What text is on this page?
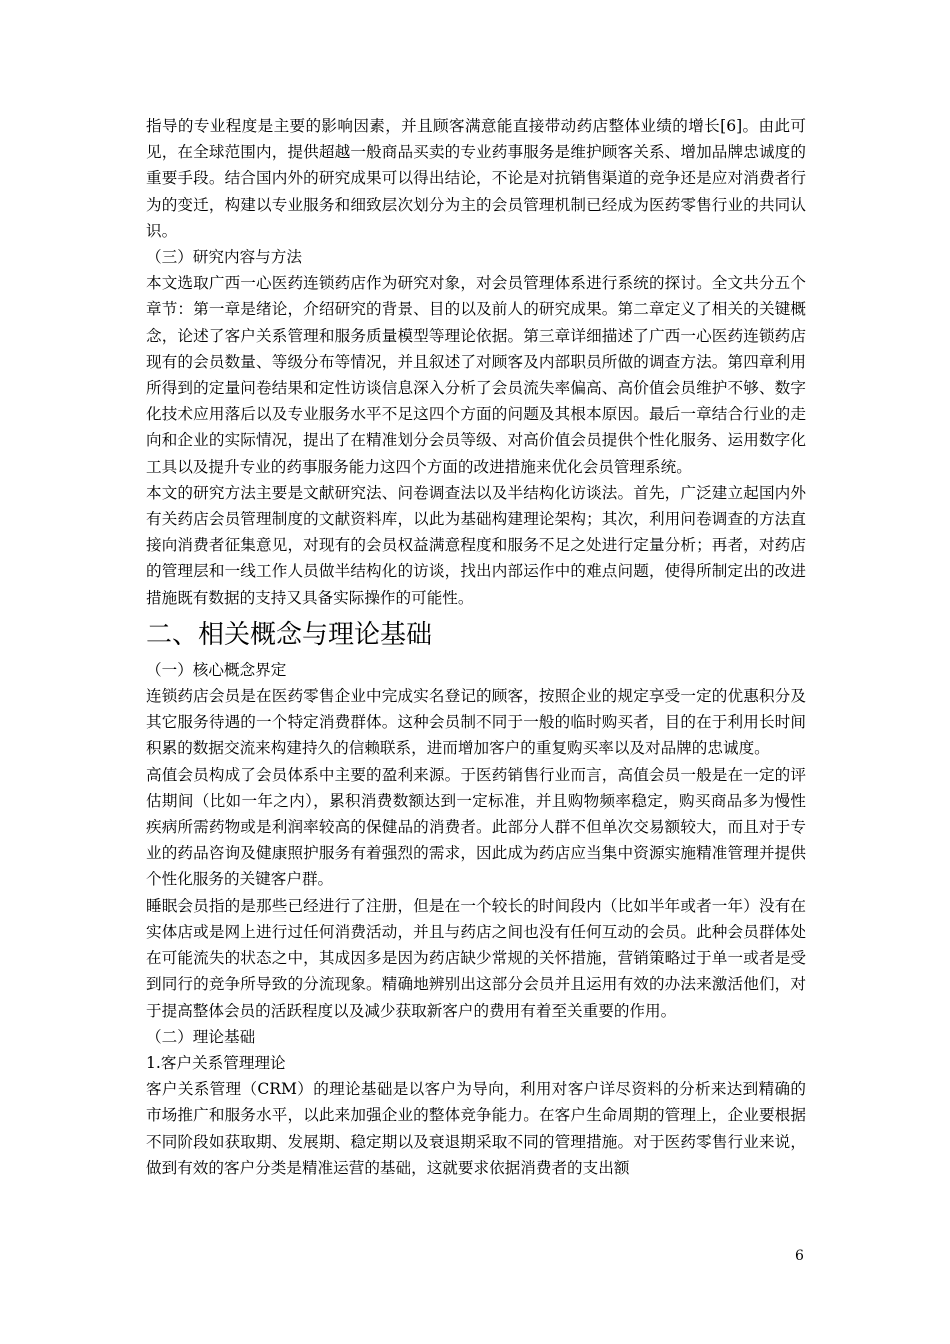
指导的专业程度是主要的影响因素，并且顾客满意能直接带动药店整体业绩的增长[6]。由此可见，在全球范围内，提供超越一般商品买卖的专业药事服务是维护顾客关系、增加品牌忠诚度的重要手段。结合国内外的研究成果可以得出结论，不论是对抗销售渠道的竞争还是应对消费者行为的变迁，构建以专业服务和细致层次划分为主的会员管理机制已经成为医药零售行业的共同认识。

（三）研究内容与方法

本文选取广西一心医药连锁药店作为研究对象，对会员管理体系进行系统的探讨。全文共分五个章节：第一章是绪论，介绍研究的背景、目的以及前人的研究成果。第二章定义了相关的关键概念，论述了客户关系管理和服务质量模型等理论依据。第三章详细描述了广西一心医药连锁药店现有的会员数量、等级分布等情况，并且叙述了对顾客及内部职员所做的调查方法。第四章利用所得到的定量问卷结果和定性访谈信息深入分析了会员流失率偏高、高价值会员维护不够、数字化技术应用落后以及专业服务水平不足这四个方面的问题及其根本原因。最后一章结合行业的走向和企业的实际情况，提出了在精准划分会员等级、对高价值会员提供个性化服务、运用数字化工具以及提升专业的药事服务能力这四个方面的改进措施来优化会员管理系统。

本文的研究方法主要是文献研究法、问卷调查法以及半结构化访谈法。首先，广泛建立起国内外有关药店会员管理制度的文献资料库，以此为基础构建理论架构；其次，利用问卷调查的方法直接向消费者征集意见，对现有的会员权益满意程度和服务不足之处进行定量分析；再者，对药店的管理层和一线工作人员做半结构化的访谈，找出内部运作中的难点问题，使得所制定出的改进措施既有数据的支持又具备实际操作的可能性。

二、相关概念与理论基础

（一）核心概念界定

连锁药店会员是在医药零售企业中完成实名登记的顾客，按照企业的规定享受一定的优惠积分及其它服务待遇的一个特定消费群体。这种会员制不同于一般的临时购买者，目的在于利用长时间积累的数据交流来构建持久的信赖联系，进而增加客户的重复购买率以及对品牌的忠诚度。

高值会员构成了会员体系中主要的盈利来源。于医药销售行业而言，高值会员一般是在一定的评估期间（比如一年之内），累积消费数额达到一定标准，并且购物频率稳定，购买商品多为慢性疾病所需药物或是利润率较高的保健品的消费者。此部分人群不但单次交易额较大，而且对于专业的药品咨询及健康照护服务有着强烈的需求，因此成为药店应当集中资源实施精准管理并提供个性化服务的关键客户群。

睡眠会员指的是那些已经进行了注册，但是在一个较长的时间段内（比如半年或者一年）没有在实体店或是网上进行过任何消费活动，并且与药店之间也没有任何互动的会员。此种会员群体处在可能流失的状态之中，其成因多是因为药店缺少常规的关怀措施，营销策略过于单一或者是受到同行的竞争所导致的分流现象。精确地辨别出这部分会员并且运用有效的办法来激活他们，对于提高整体会员的活跃程度以及减少获取新客户的费用有着至关重要的作用。

（二）理论基础

1.客户关系管理理论

客户关系管理（CRM）的理论基础是以客户为导向，利用对客户详尽资料的分析来达到精确的市场推广和服务水平，以此来加强企业的整体竞争能力。在客户生命周期的管理上，企业要根据不同阶段如获取期、发展期、稳定期以及衰退期采取不同的管理措施。对于医药零售行业来说，做到有效的客户分类是精准运营的基础，这就要求依据消费者的支出额

6
